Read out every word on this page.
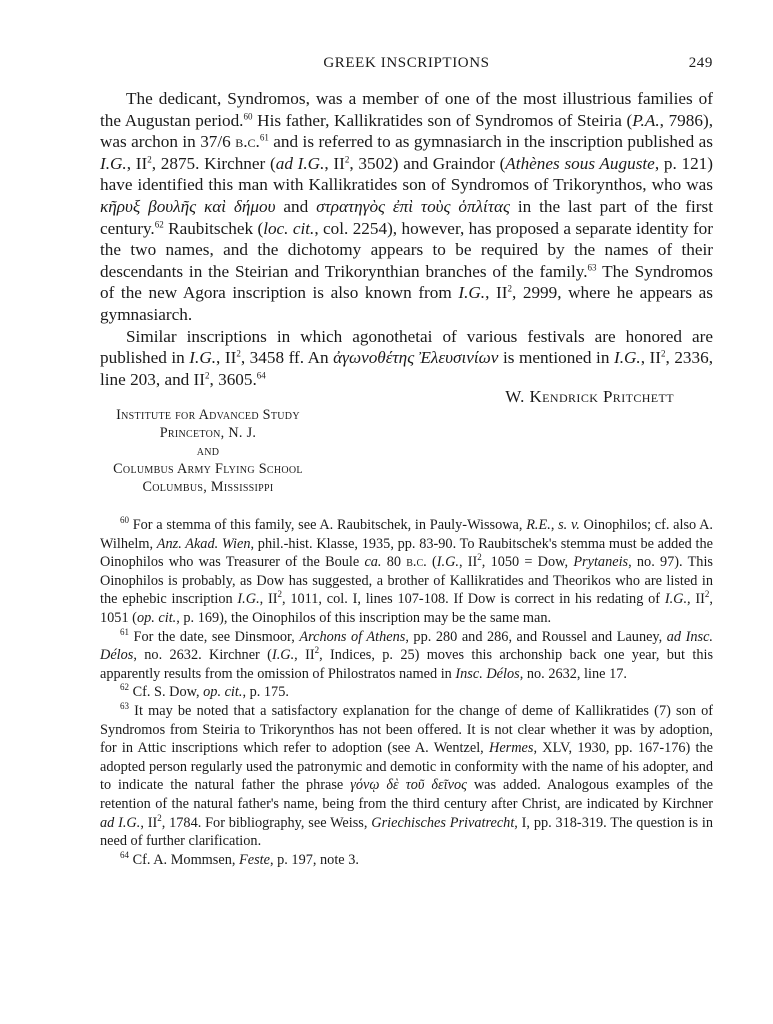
GREEK INSCRIPTIONS	249

The dedicant, Syndromos, was a member of one of the most illustrious families of the Augustan period.$^{60}$ His father, Kallikratides son of Syndromos of Steiria (P.A., 7986), was archon in 37/6 b.c.$^{61}$ and is referred to as gymnasiarch in the inscription published as I.G., $II^2$, 2875. Kirchner (ad I.G., $II^2$, 3502) and Graindor (Athènes sous Auguste, p. 121) have identified this man with Kallikratides son of Syndromos of Trikorynthos, who was κῆρυξ βουλῆς καὶ δήμου and στρατηγὸς ἐπὶ τοὺς ὁπλίτας in the last part of the first century.$^{62}$ Raubitschek (loc. cit., col. 2254), however, has proposed a separate identity for the two names, and the dichotomy appears to be required by the names of their descendants in the Steirian and Trikorynthian branches of the family.$^{63}$ The Syndromos of the new Agora inscription is also known from I.G., $II^2$, 2999, where he appears as gymnasiarch.

Similar inscriptions in which agonothetai of various festivals are honored are published in I.G., $II^2$, 3458 ff. An ἀγωνοθέτης Ἐλευσινίων is mentioned in I.G., $II^2$, 2336, line 203, and $II^2$, 3605.64

W. Kendrick Pritchett
Institute for Advanced Study
Princeton, N. J.
and
Columbus Army Flying School
Columbus, Mississippi

$^{60}$ For a stemma of this family, see A. Raubitschek, in Pauly-Wissowa, R.E., s. v. Oinophilos; cf. also A. Wilhelm, Anz. Akad. Wien, phil.-hist. Klasse, 1935, pp. 83-90. To Raubitschek's stemma must be added the Oinophilos who was Treasurer of the Boule ca. 80 b.c. (I.G., $II^2$, 1050 = Dow, Prytaneis, no. 97). This Oinophilos is probably, as Dow has suggested, a brother of Kallikratides and Theorikos who are listed in the ephebic inscription I.G., $II^2$, 1011, col. I, lines 107-108. If Dow is correct in his redating of I.G., $II^2$, 1051 (op. cit., p. 169), the Oinophilos of this inscription may be the same man.

$^{61}$ For the date, see Dinsmoor, Archons of Athens, pp. 280 and 286, and Roussel and Launey, ad Insc. Délos, no. 2632. Kirchner (I.G., $II^2$, Indices, p. 25) moves this archonship back one year, but this apparently results from the omission of Philostratos named in Insc. Délos, no. 2632, line 17.

$^{62}$ Cf. S. Dow, op. cit., p. 175.

$^{63}$ It may be noted that a satisfactory explanation for the change of deme of Kallikratides (7) son of Syndromos from Steiria to Trikorynthos has not been offered. It is not clear whether it was by adoption, for in Attic inscriptions which refer to adoption (see A. Wentzel, Hermes, XLV, 1930, pp. 167-176) the adopted person regularly used the patronymic and demotic in conformity with the name of his adopter, and to indicate the natural father the phrase γόνῳ δὲ τοῦ δεῖνος was added. Analogous examples of the retention of the natural father's name, being from the third century after Christ, are indicated by Kirchner ad I.G., $II^2$, 1784. For bibliography, see Weiss, Griechisches Privatrecht, I, pp. 318-319. The question is in need of further clarification.

$^{64}$ Cf. A. Mommsen, Feste, p. 197, note 3.
